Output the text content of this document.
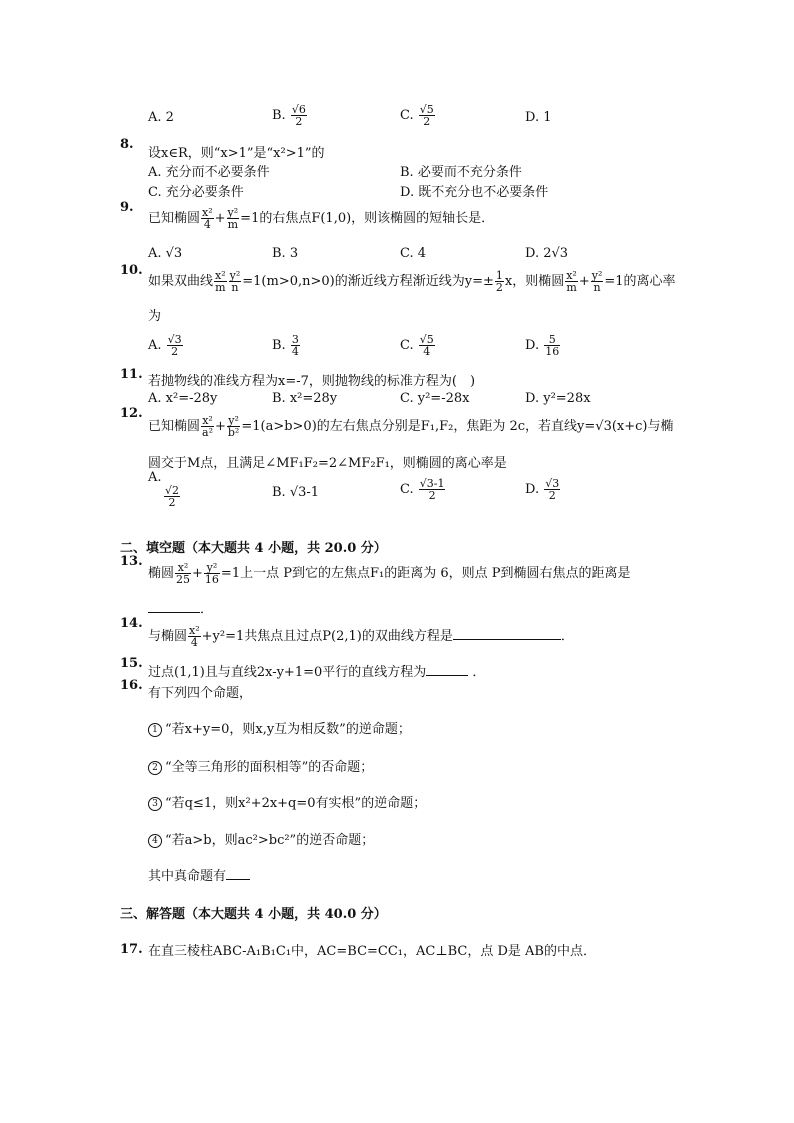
A. 2	B. $\frac{√6}{2}$	C. $\frac{√5}{2}$	D. 1
8.
设x∈R，则“x>1”是“x²>1”的
A. 充分而不必要条件	B. 必要而不充分条件
C. 充分必要条件	D. 既不充分也不必要条件
9.
已知椭圆 $\frac{\text{x²}}{4} + \frac{\text{y²}}{m} =1$的右焦点F(1,0)，则该椭圆的短轴长是．
A. √3	B. 3	C. 4	D. 2√3
10.
如果双曲线 $\frac{\text{x²}}{m} \frac{\text{y²}}{n} =1(m>0,n>0)$的渐近线方程渐近线为$y=\pm \frac{1}{2}$ x，则椭圆 $\frac{\text{x²}}{m} + \frac{\text{y²}}{n} =1$的离心率
为
A. $\frac{√3}{2}$	B. $\frac{3}{4}$	C. $\frac{√5}{4}$	D. $\frac{5}{16}$
11. 若抛物线的准线方程为x=-7，则抛物线的标准方程为(　)
A. x²=-28y	B. x²=28y	C. y²=-28x	D. y²=28x
12.
已知椭圆 $\frac{\text{x²}}{\text{a²}} + \frac{\text{y²}}{\text{b²}} =1(a>b>0)$的左右焦点分别是F₁,F₂，焦距为 2c，若直线y=√3(x+c)与椭
圆交于M点，且满足∠MF₁F₂=2∠MF₂F₁，则椭圆的离心率是
A.
$\frac{√2}{2}$	B. √3-1	C. $\frac{√3-1}{2}$	D. $\frac{√3}{2}$
二、填空题（本大题共 4 小题，共 20.0 分）
13.
椭圆 $\frac{\text{x²}}{25} + \frac{\text{y²}}{16} =1$上一点 P到它的左焦点F₁的距离为 6，则点 P到椭圆右焦点的距离是
．
14.
与椭圆 $\frac{\text{x²}}{4} +y^2=1$共焦点且过点P(2,1)的双曲线方程是	．
15.
过点(1,1)且与直线2x-y+1=0平行的直线方程为	．
16.
有下列四个命题，
1 “若x+y=0，则x,y互为相反数”的逆命题；
2 “全等三角形的面积相等”的否命题；
3 “若q≤1，则x²+2x+q=0有实根”的逆命题；
4 “若a>b，则ac²>bc²”的逆否命题；
其中真命题有
三、解答题（本大题共 4 小题，共 40.0 分）
17. 在直三棱柱ABC-A₁B₁C₁中，AC=BC=CC₁，AC⊥BC，点 D是 AB的中点．
